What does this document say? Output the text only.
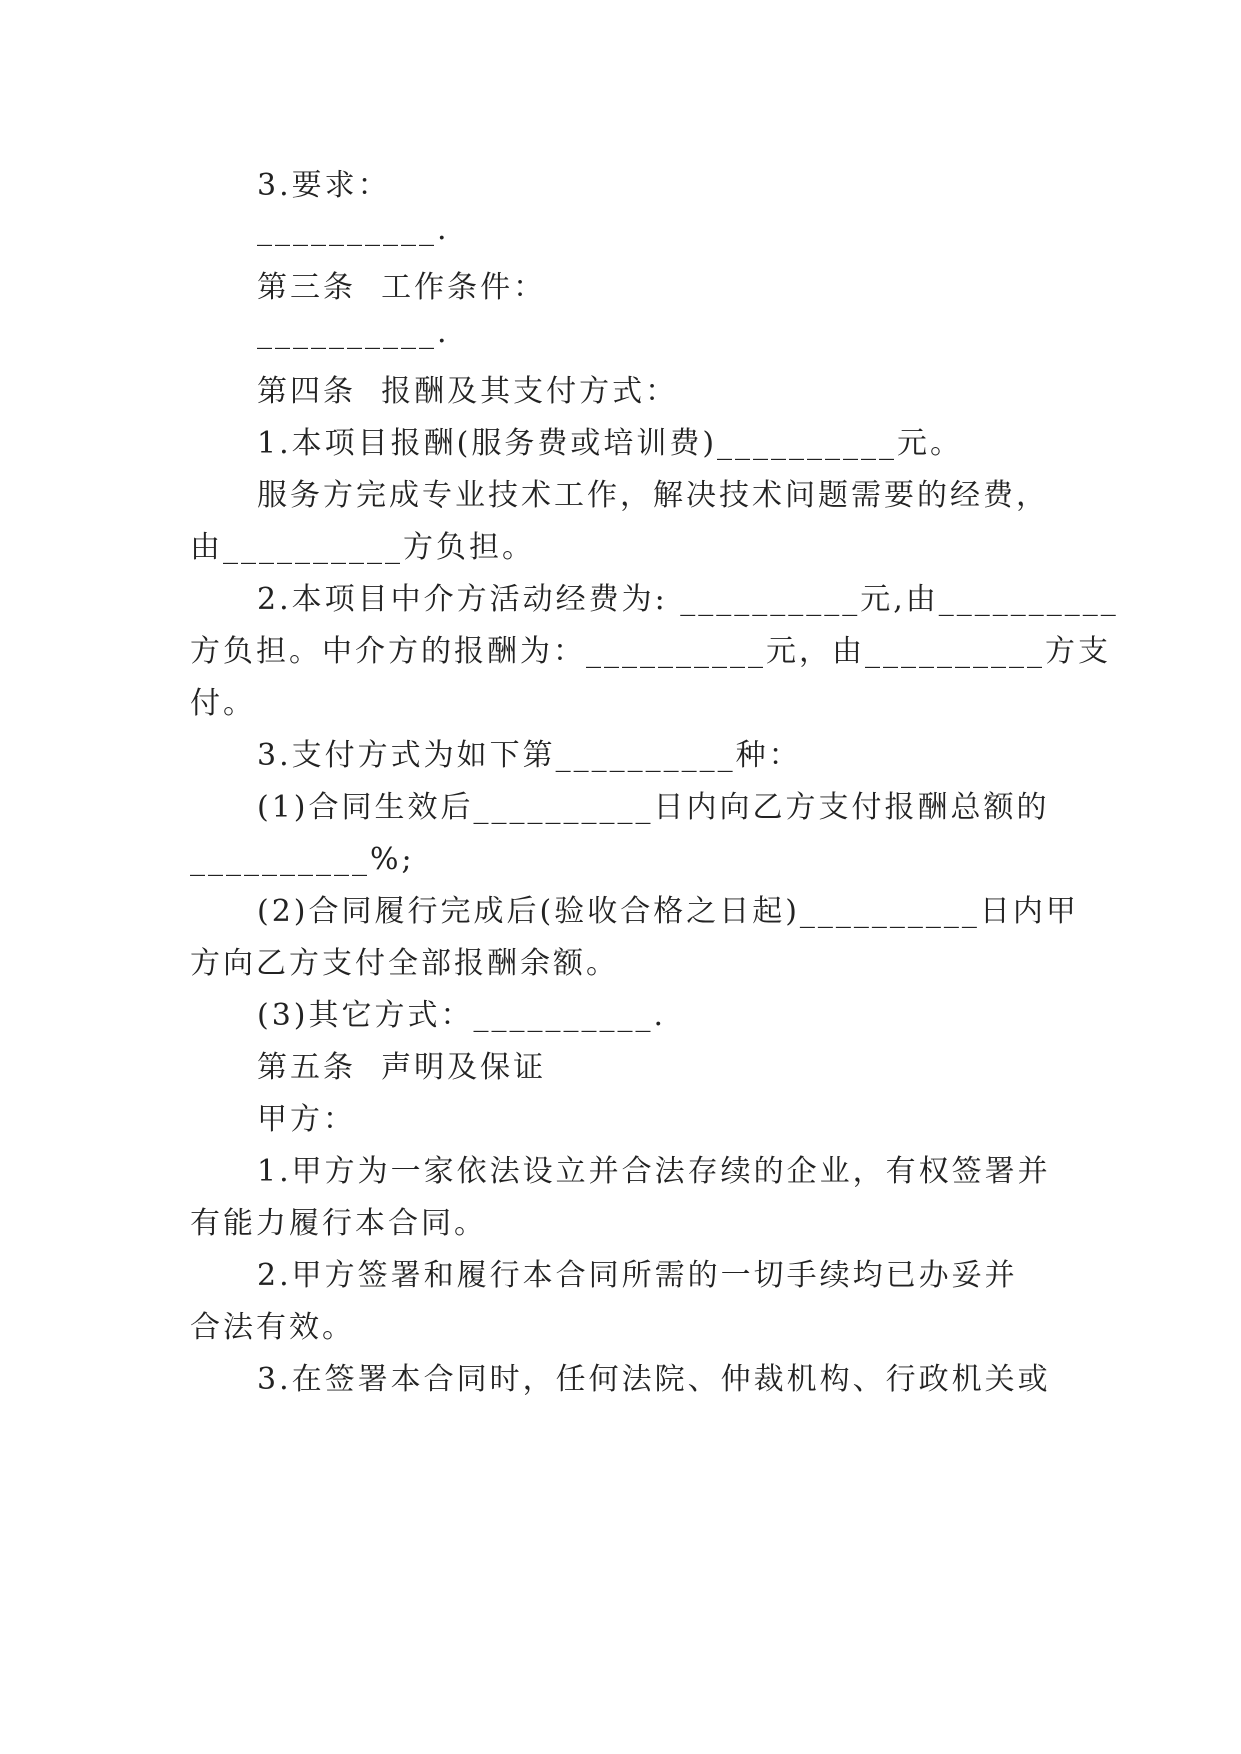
3.要求：
__________.
第三条  工作条件：
__________.
第四条  报酬及其支付方式：
1.本项目报酬(服务费或培训费)__________元。
服务方完成专业技术工作，解决技术问题需要的经费，
由__________方负担。
2.本项目中介方活动经费为: __________元,由__________
方负担。中介方的报酬为：__________元，由__________方支
付。
3.支付方式为如下第__________种：
(1)合同生效后__________日内向乙方支付报酬总额的
__________%;
(2)合同履行完成后(验收合格之日起)__________日内甲
方向乙方支付全部报酬余额。
(3)其它方式：__________.
第五条  声明及保证
甲方：
1.甲方为一家依法设立并合法存续的企业，有权签署并
有能力履行本合同。
2.甲方签署和履行本合同所需的一切手续均已办妥并
合法有效。
3.在签署本合同时，任何法院、仲裁机构、行政机关或
